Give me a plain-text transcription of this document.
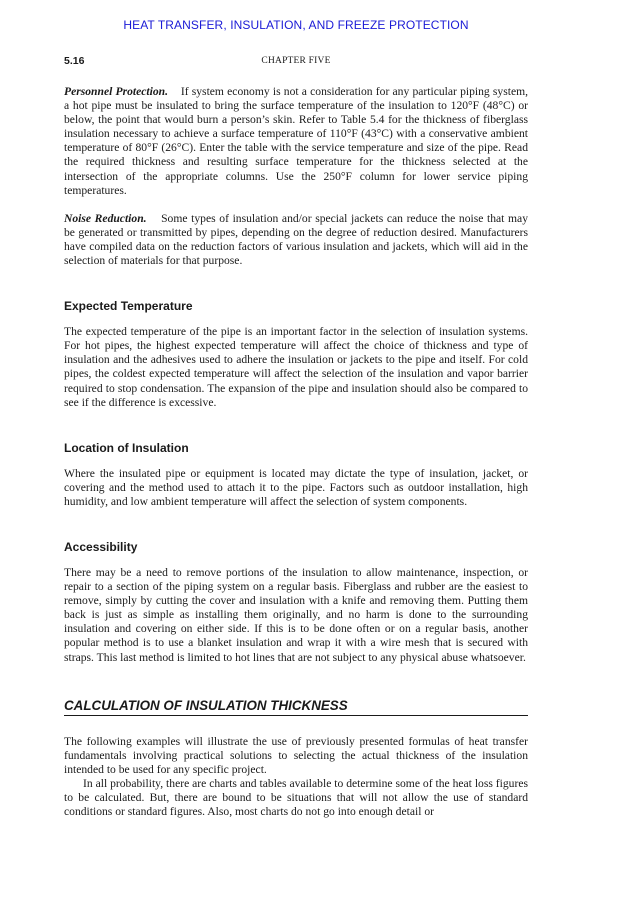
HEAT TRANSFER, INSULATION, AND FREEZE PROTECTION
5.16	CHAPTER FIVE

Personnel Protection. If system economy is not a consideration for any particular piping system, a hot pipe must be insulated to bring the surface temperature of the insulation to 120°F (48°C) or below, the point that would burn a person’s skin. Refer to Table 5.4 for the thickness of fiberglass insulation necessary to achieve a surface temperature of 110°F (43°C) with a conservative ambient temperature of 80°F (26°C). Enter the table with the service temperature and size of the pipe. Read the required thickness and resulting surface temperature for the thickness selected at the intersection of the appropriate columns. Use the 250°F column for lower service piping temperatures.

Noise Reduction. Some types of insulation and/or special jackets can reduce the noise that may be generated or transmitted by pipes, depending on the degree of reduction desired. Manufacturers have compiled data on the reduction factors of various insulation and jackets, which will aid in the selection of materials for that purpose.

Expected Temperature

The expected temperature of the pipe is an important factor in the selection of insulation systems. For hot pipes, the highest expected temperature will affect the choice of thickness and type of insulation and the adhesives used to adhere the insulation or jackets to the pipe and itself. For cold pipes, the coldest expected temperature will affect the selection of the insulation and vapor barrier required to stop condensation. The expansion of the pipe and insulation should also be compared to see if the difference is excessive.

Location of Insulation

Where the insulated pipe or equipment is located may dictate the type of insulation, jacket, or covering and the method used to attach it to the pipe. Factors such as outdoor installation, high humidity, and low ambient temperature will affect the selection of system components.

Accessibility

There may be a need to remove portions of the insulation to allow maintenance, inspection, or repair to a section of the piping system on a regular basis. Fiberglass and rubber are the easiest to remove, simply by cutting the cover and insulation with a knife and removing them. Putting them back is just as simple as installing them originally, and no harm is done to the surrounding insulation and covering on either side. If this is to be done often or on a regular basis, another popular method is to use a blanket insulation and wrap it with a wire mesh that is secured with straps. This last method is limited to hot lines that are not subject to any physical abuse whatsoever.

CALCULATION OF INSULATION THICKNESS

The following examples will illustrate the use of previously presented formulas of heat transfer fundamentals involving practical solutions to selecting the actual thickness of the insulation intended to be used for any specific project.

In all probability, there are charts and tables available to determine some of the heat loss figures to be calculated. But, there are bound to be situations that will not allow the use of standard conditions or standard figures. Also, most charts do not go into enough detail or
